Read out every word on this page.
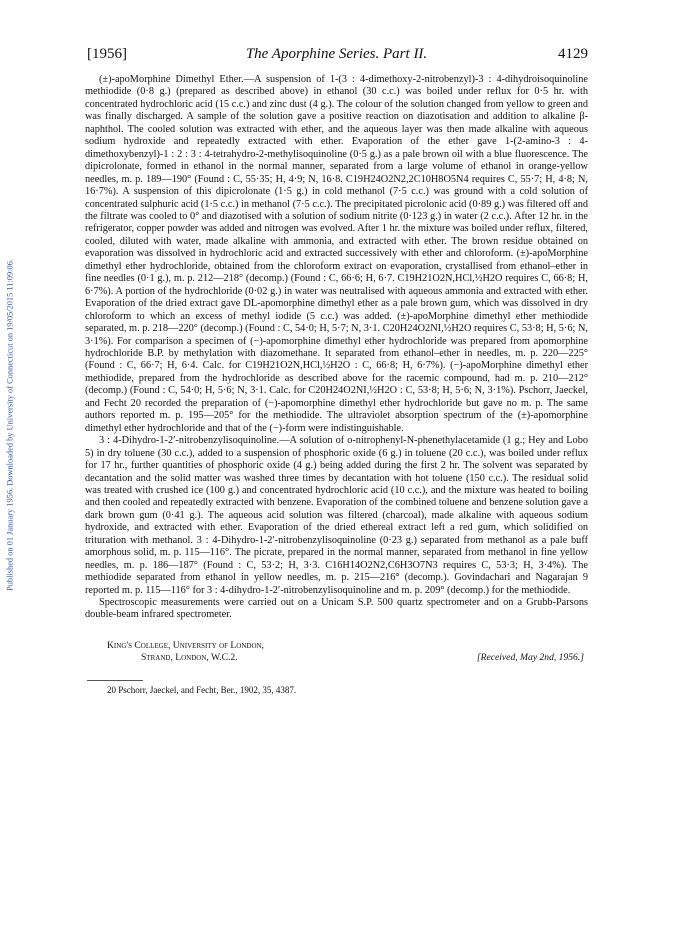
Published on 01 January 1956. Downloaded by University of Connecticut on 19/05/2015 11:09:06.
[1956]	The Aporphine Series. Part II.	4129

(±)-apoMorphine Dimethyl Ether.—A suspension of 1-(3 : 4-dimethoxy-2-nitrobenzyl)-3 : 4-dihydroisoquinoline methiodide (0·8 g.) (prepared as described above) in ethanol (30 c.c.) was boiled under reflux for 0·5 hr. with concentrated hydrochloric acid (15 c.c.) and zinc dust (4 g.). The colour of the solution changed from yellow to green and was finally discharged. A sample of the solution gave a positive reaction on diazotisation and addition to alkaline β-naphthol. The cooled solution was extracted with ether, and the aqueous layer was then made alkaline with aqueous sodium hydroxide and repeatedly extracted with ether. Evaporation of the ether gave 1-(2-amino-3 : 4-dimethoxybenzyl)-1 : 2 : 3 : 4-tetrahydro-2-methylisoquinoline (0·5 g.) as a pale brown oil with a blue fluorescence. The dipicrolonate, formed in ethanol in the normal manner, separated from a large volume of ethanol in orange-yellow needles, m. p. 189—190° (Found : C, 55·35; H, 4·9; N, 16·8. C19H24O2N2,2C10H8O5N4 requires C, 55·7; H, 4·8; N, 16·7%). A suspension of this dipicrolonate (1·5 g.) in cold methanol (7·5 c.c.) was ground with a cold solution of concentrated sulphuric acid (1·5 c.c.) in methanol (7·5 c.c.). The precipitated picrolonic acid (0·89 g.) was filtered off and the filtrate was cooled to 0° and diazotised with a solution of sodium nitrite (0·123 g.) in water (2 c.c.). After 12 hr. in the refrigerator, copper powder was added and nitrogen was evolved. After 1 hr. the mixture was boiled under reflux, filtered, cooled, diluted with water, made alkaline with ammonia, and extracted with ether. The brown residue obtained on evaporation was dissolved in hydrochloric acid and extracted successively with ether and chloroform. (±)-apoMorphine dimethyl ether hydrochloride, obtained from the chloroform extract on evaporation, crystallised from ethanol–ether in fine needles (0·1 g.), m. p. 212—218° (decomp.) (Found : C, 66·6; H, 6·7. C19H21O2N,HCl,½H2O requires C, 66·8; H, 6·7%). A portion of the hydrochloride (0·02 g.) in water was neutralised with aqueous ammonia and extracted with ether. Evaporation of the dried extract gave DL-apomorphine dimethyl ether as a pale brown gum, which was dissolved in dry chloroform to which an excess of methyl iodide (5 c.c.) was added. (±)-apoMorphine dimethyl ether methiodide separated, m. p. 218—220° (decomp.) (Found : C, 54·0; H, 5·7; N, 3·1. C20H24O2NI,½H2O requires C, 53·8; H, 5·6; N, 3·1%). For comparison a specimen of (−)-apomorphine dimethyl ether hydrochloride was prepared from apomorphine hydrochloride B.P. by methylation with diazomethane. It separated from ethanol–ether in needles, m. p. 220—225° (Found : C, 66·7; H, 6·4. Calc. for C19H21O2N,HCl,½H2O : C, 66·8; H, 6·7%). (−)-apoMorphine dimethyl ether methiodide, prepared from the hydrochloride as described above for the racemic compound, had m. p. 210—212° (decomp.) (Found : C, 54·0; H, 5·6; N, 3·1. Calc. for C20H24O2NI,½H2O : C, 53·8; H, 5·6; N, 3·1%). Pschorr, Jaeckel, and Fecht 20 recorded the preparation of (−)-apomorphine dimethyl ether hydrochloride but gave no m. p. The same authors reported m. p. 195—205° for the methiodide. The ultraviolet absorption spectrum of the (±)-apomorphine dimethyl ether hydrochloride and that of the (−)-form were indistinguishable.

3 : 4-Dihydro-1-2′-nitrobenzylisoquinoline.—A solution of o-nitrophenyl-N-phenethylacetamide (1 g.; Hey and Lobo 5) in dry toluene (30 c.c.), added to a suspension of phosphoric oxide (6 g.) in toluene (20 c.c.), was boiled under reflux for 17 hr., further quantities of phosphoric oxide (4 g.) being added during the first 2 hr. The solvent was separated by decantation and the solid matter was washed three times by decantation with hot toluene (150 c.c.). The residual solid was treated with crushed ice (100 g.) and concentrated hydrochloric acid (10 c.c.), and the mixture was heated to boiling and then cooled and repeatedly extracted with benzene. Evaporation of the combined toluene and benzene solution gave a dark brown gum (0·41 g.). The aqueous acid solution was filtered (charcoal), made alkaline with aqueous sodium hydroxide, and extracted with ether. Evaporation of the dried ethereal extract left a red gum, which solidified on trituration with methanol. 3 : 4-Dihydro-1-2′-nitrobenzylisoquinoline (0·23 g.) separated from methanol as a pale buff amorphous solid, m. p. 115—116°. The picrate, prepared in the normal manner, separated from methanol in fine yellow needles, m. p. 186—187° (Found : C, 53·2; H, 3·3. C16H14O2N2,C6H3O7N3 requires C, 53·3; H, 3·4%). The methiodide separated from ethanol in yellow needles, m. p. 215—216° (decomp.). Govindachari and Nagarajan 9 reported m. p. 115—116° for 3 : 4-dihydro-1-2′-nitrobenzylisoquinoline and m. p. 209° (decomp.) for the methiodide.

Spectroscopic measurements were carried out on a Unicam S.P. 500 quartz spectrometer and on a Grubb-Parsons double-beam infrared spectrometer.

King's College, University of London,
Strand, London, W.C.2.	[Received, May 2nd, 1956.]
20 Pschorr, Jaeckel, and Fecht, Ber., 1902, 35, 4387.
